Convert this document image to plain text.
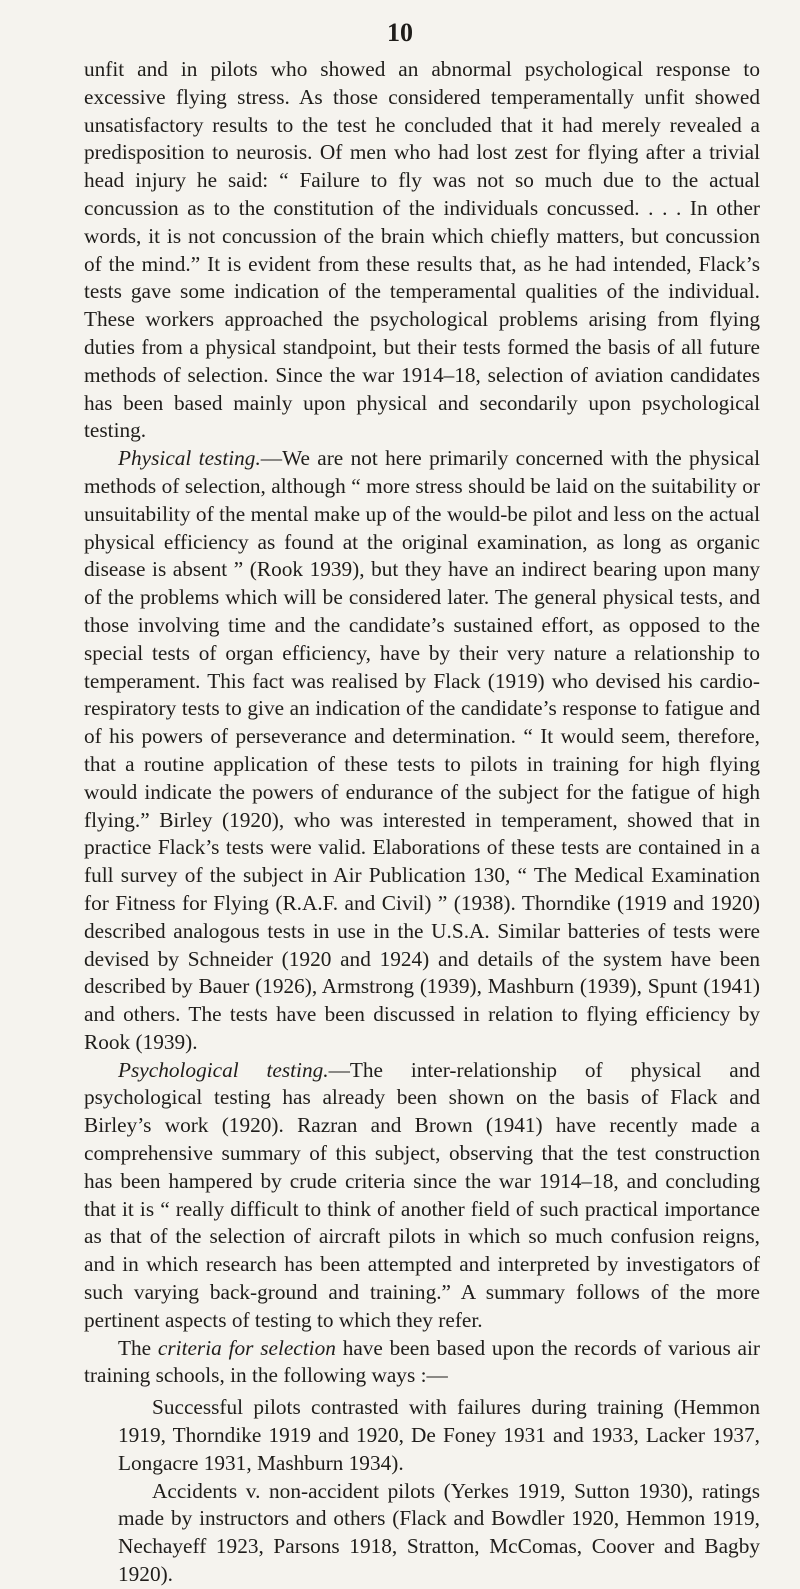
10

unfit and in pilots who showed an abnormal psychological response to excessive flying stress. As those considered temperamentally unfit showed unsatisfactory results to the test he concluded that it had merely revealed a predisposition to neurosis. Of men who had lost zest for flying after a trivial head injury he said: “ Failure to fly was not so much due to the actual concussion as to the constitution of the individuals concussed. . . . In other words, it is not concussion of the brain which chiefly matters, but concussion of the mind.” It is evident from these results that, as he had intended, Flack’s tests gave some indication of the temperamental qualities of the individual. These workers approached the psychological problems arising from flying duties from a physical standpoint, but their tests formed the basis of all future methods of selection. Since the war 1914–18, selection of aviation candidates has been based mainly upon physical and secondarily upon psychological testing.

Physical testing.—We are not here primarily concerned with the physical methods of selection, although “ more stress should be laid on the suitability or unsuitability of the mental make up of the would-be pilot and less on the actual physical efficiency as found at the original examination, as long as organic disease is absent ” (Rook 1939), but they have an indirect bearing upon many of the problems which will be considered later. The general physical tests, and those involving time and the candidate’s sustained effort, as opposed to the special tests of organ efficiency, have by their very nature a relationship to temperament. This fact was realised by Flack (1919) who devised his cardio-respiratory tests to give an indication of the candidate’s response to fatigue and of his powers of perseverance and determination. “ It would seem, therefore, that a routine application of these tests to pilots in training for high flying would indicate the powers of endurance of the subject for the fatigue of high flying.” Birley (1920), who was interested in temperament, showed that in practice Flack’s tests were valid. Elaborations of these tests are contained in a full survey of the subject in Air Publication 130, “ The Medical Examination for Fitness for Flying (R.A.F. and Civil) ” (1938). Thorndike (1919 and 1920) described analogous tests in use in the U.S.A. Similar batteries of tests were devised by Schneider (1920 and 1924) and details of the system have been described by Bauer (1926), Armstrong (1939), Mashburn (1939), Spunt (1941) and others. The tests have been discussed in relation to flying efficiency by Rook (1939).

Psychological testing.—The inter-relationship of physical and psychological testing has already been shown on the basis of Flack and Birley’s work (1920). Razran and Brown (1941) have recently made a comprehensive summary of this subject, observing that the test construction has been hampered by crude criteria since the war 1914–18, and concluding that it is “ really difficult to think of another field of such practical importance as that of the selection of aircraft pilots in which so much confusion reigns, and in which research has been attempted and interpreted by investigators of such varying back-ground and training.” A summary follows of the more pertinent aspects of testing to which they refer.

The criteria for selection have been based upon the records of various air training schools, in the following ways :—

Successful pilots contrasted with failures during training (Hemmon 1919, Thorndike 1919 and 1920, De Foney 1931 and 1933, Lacker 1937, Longacre 1931, Mashburn 1934).

Accidents v. non-accident pilots (Yerkes 1919, Sutton 1930), ratings made by instructors and others (Flack and Bowdler 1920, Hemmon 1919, Nechayeff 1923, Parsons 1918, Stratton, McComas, Coover and Bagby 1920).
